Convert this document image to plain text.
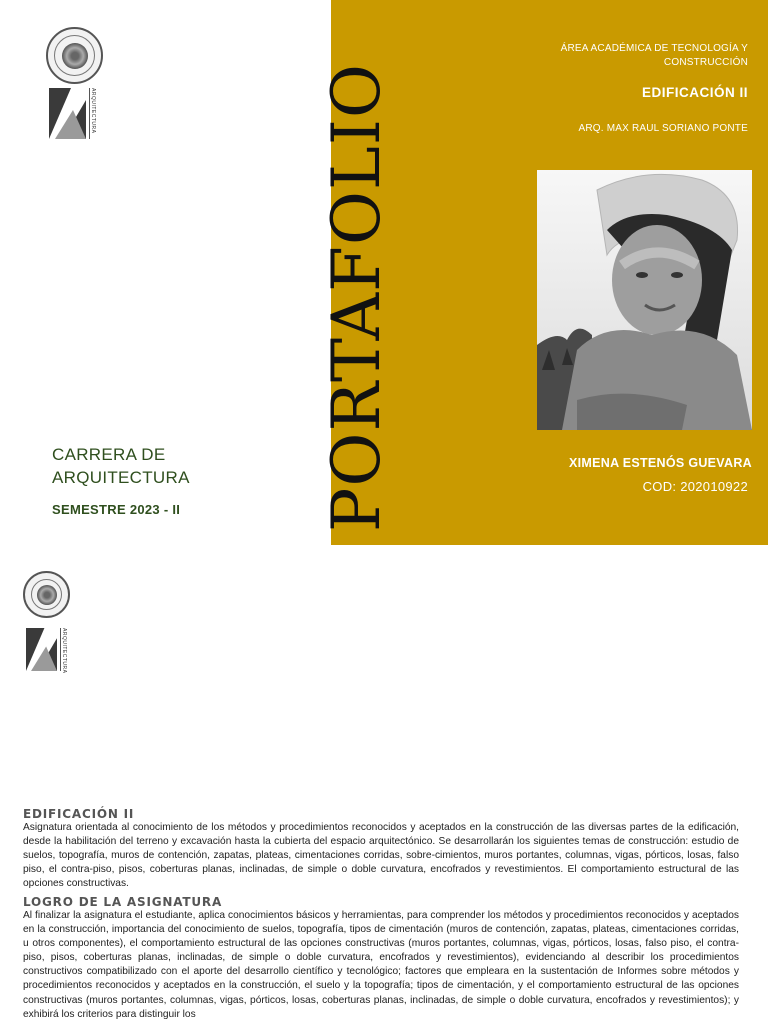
ARQUITECTURA	PORTAFOLIO
CARRERA DE
ARQUITECTURA
SEMESTRE 2023 - II
ÁREA ACADÉMICA DE TECNOLOGÍA Y
CONSTRUCCIÓN
EDIFICACIÓN II
ARQ. MAX RAUL SORIANO PONTE
XIMENA ESTENÓS GUEVARA
COD: 202010922
ARQUITECTURA
EDIFICACIÓN II

Asignatura orientada al conocimiento de los métodos y procedimientos reconocidos y aceptados en la construcción de las diversas partes de la edificación, desde la habilitación del terreno y excavación hasta la cubierta del espacio arquitectónico. Se desarrollarán los siguientes temas de construcción: estudio de suelos, topografía, muros de contención, zapatas, plateas, cimentaciones corridas, sobre-cimientos, muros portantes, columnas, vigas, pórticos, losas, falso piso, el contra-piso, pisos, coberturas planas, inclinadas, de simple o doble curvatura, encofrados y revestimientos. El comportamiento estructural de las opciones constructivas.

LOGRO DE LA ASIGNATURA

Al finalizar la asignatura el estudiante, aplica conocimientos básicos y herramientas, para comprender los métodos y procedimientos reconocidos y aceptados en la construcción, importancia del conocimiento de suelos, topografía, tipos de cimentación (muros de contención, zapatas, plateas, cimentaciones corridas, u otros componentes), el comportamiento estructural de las opciones constructivas (muros portantes, columnas, vigas, pórticos, losas, falso piso, el contra-piso, pisos, coberturas planas, inclinadas, de simple o doble curvatura, encofrados y revestimientos), evidenciando al describir los procedimientos constructivos compatibilizado con el aporte del desarrollo científico y tecnológico; factores que empleara en la sustentación de Informes sobre métodos y procedimientos reconocidos y aceptados en la construcción, el suelo y la topografía; tipos de cimentación, y el comportamiento estructural de las opciones constructivas (muros portantes, columnas, vigas, pórticos, losas, coberturas planas, inclinadas, de simple o doble curvatura, encofrados y revestimientos); y exhibirá los criterios para distinguir los
